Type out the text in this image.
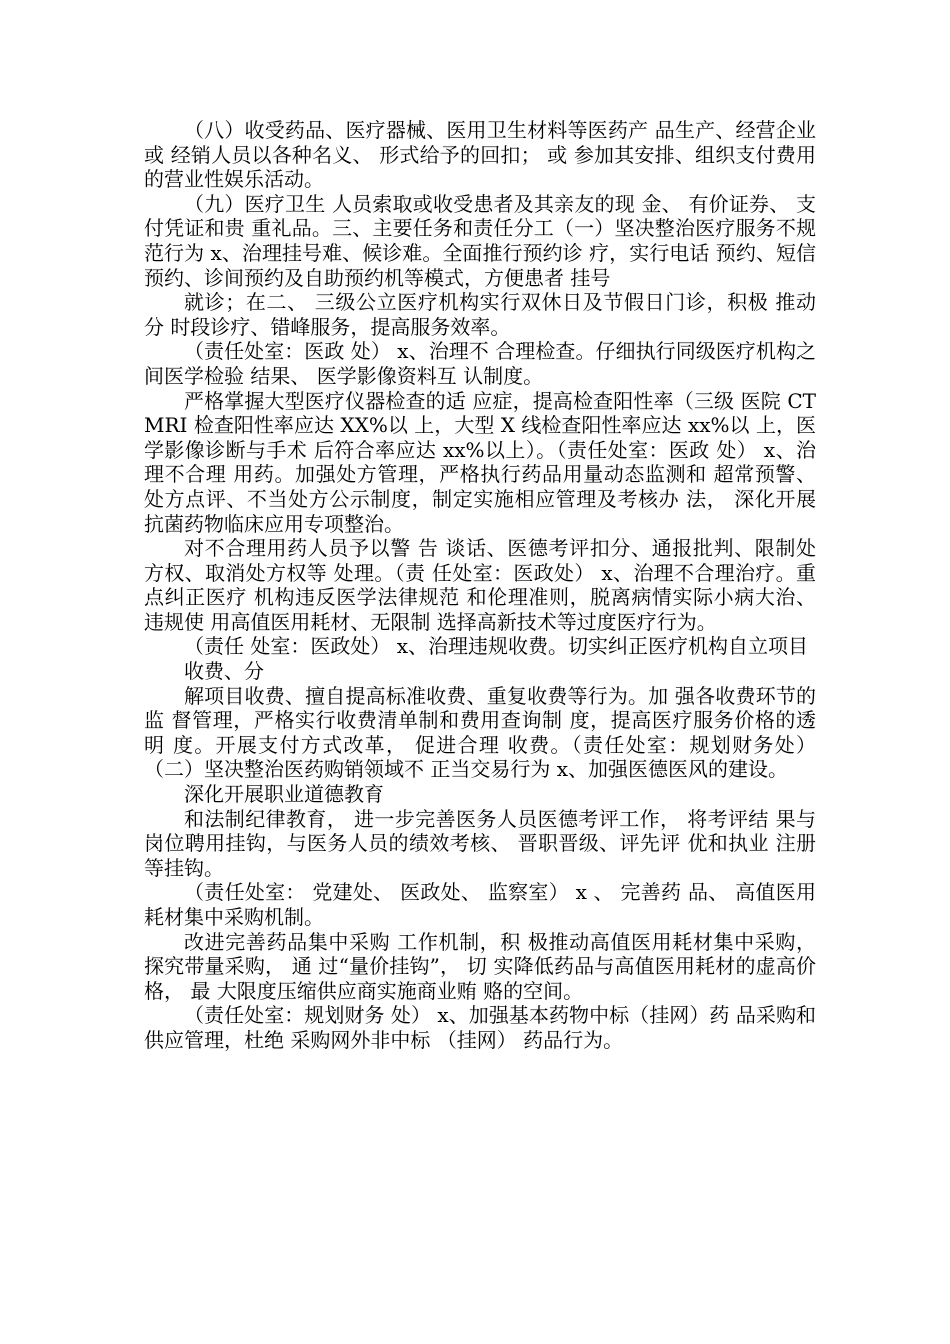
（八）收受药品、医疗器械、医用卫生材料等医药产 品生产、经营企业或 经销人员以各种名义、 形式给予的回扣； 或 参加其安排、组织支付费用 的营业性娱乐活动。

（九）医疗卫生 人员索取或收受患者及其亲友的现 金、 有价证券、 支付凭证和贵 重礼品。三、主要任务和责任分工（一）坚决整治医疗服务不规 范行为 x、治理挂号难、候诊难。全面推行预约诊 疗，实行电话 预约、短信预约、诊间预约及自助预约机等模式，方便患者 挂号

就诊；在二、 三级公立医疗机构实行双休日及节假日门诊，积极 推动分 时段诊疗、错峰服务，提高服务效率。

（责任处室：医政 处） x、治理不 合理检查。仔细执行同级医疗机构之间医学检验 结果、 医学影像资料互 认制度。

严格掌握大型医疗仪器检查的适 应症，提高检查阳性率（三级 医院 CT MRI 检查阳性率应达 XX%以 上，大型 X 线检查阳性率应达 xx%以 上，医学影像诊断与手术 后符合率应达 xx%以上）。（责任处室：医政 处） x、治理不合理 用药。加强处方管理，严格执行药品用量动态监测和 超常预警、 处方点评、不当处方公示制度，制定实施相应管理及考核办 法， 深化开展抗菌药物临床应用专项整治。

对不合理用药人员予以警 告 谈话、医德考评扣分、通报批判、限制处方权、取消处方权等 处理。（责 任处室：医政处） x、治理不合理治疗。重点纠正医疗 机构违反医学法律规范 和伦理准则，脱离病情实际小病大治、 违规使 用高值医用耗材、无限制 选择高新技术等过度医疗行为。

（责任 处室：医政处） x、治理违规收费。切实纠正医疗机构自立项目

收费、分

解项目收费、擅自提高标准收费、重复收费等行为。加 强各收费环节的监 督管理，严格实行收费清单制和费用查询制 度，提高医疗服务价格的透明 度。开展支付方式改革， 促进合理 收费。（责任处室：规划财务处） （二）坚决整治医药购销领域不 正当交易行为 x、加强医德医风的建设。

深化开展职业道德教育

和法制纪律教育， 进一步完善医务人员医德考评工作， 将考评结 果与岗位聘用挂钩，与医务人员的绩效考核、 晋职晋级、评先评 优和执业 注册等挂钩。

（责任处室： 党建处、 医政处、 监察室） x 、 完善药 品、 高值医用耗材集中采购机制。

改进完善药品集中采购 工作机制，积 极推动高值医用耗材集中采购， 探究带量采购， 通 过“量价挂钩”， 切 实降低药品与高值医用耗材的虚高价格， 最 大限度压缩供应商实施商业贿 赂的空间。

（责任处室：规划财务 处） x、加强基本药物中标（挂网）药 品采购和供应管理，杜绝 采购网外非中标 （挂网） 药品行为。
